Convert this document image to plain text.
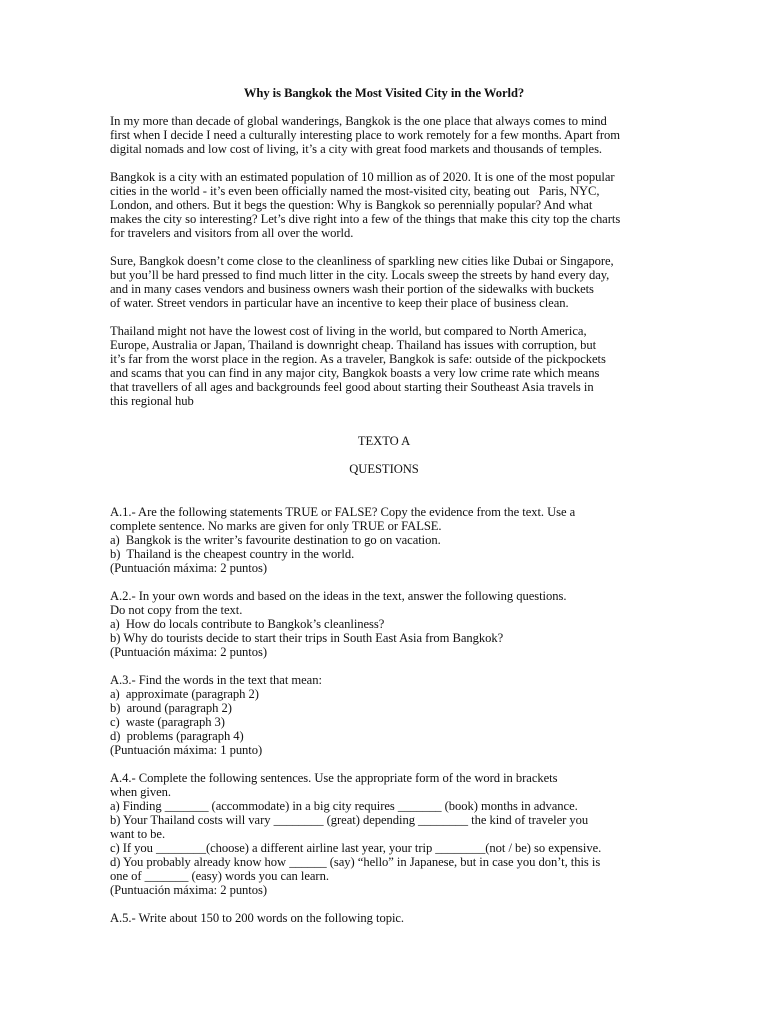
Why is Bangkok the Most Visited City in the World?
In my more than decade of global wanderings, Bangkok is the one place that always comes to mind
first when I decide I need a culturally interesting place to work remotely for a few months. Apart from
digital nomads and low cost of living, it’s a city with great food markets and thousands of temples.
Bangkok is a city with an estimated population of 10 million as of 2020. It is one of the most popular
cities in the world - it’s even been officially named the most-visited city, beating out   Paris, NYC,
London, and others. But it begs the question: Why is Bangkok so perennially popular? And what
makes the city so interesting? Let’s dive right into a few of the things that make this city top the charts
for travelers and visitors from all over the world.
Sure, Bangkok doesn’t come close to the cleanliness of sparkling new cities like Dubai or Singapore,
but you’ll be hard pressed to find much litter in the city. Locals sweep the streets by hand every day,
and in many cases vendors and business owners wash their portion of the sidewalks with buckets
of water. Street vendors in particular have an incentive to keep their place of business clean.
Thailand might not have the lowest cost of living in the world, but compared to North America,
Europe, Australia or Japan, Thailand is downright cheap. Thailand has issues with corruption, but
it’s far from the worst place in the region. As a traveler, Bangkok is safe: outside of the pickpockets
and scams that you can find in any major city, Bangkok boasts a very low crime rate which means
that travellers of all ages and backgrounds feel good about starting their Southeast Asia travels in
this regional hub
TEXTO A
QUESTIONS
A.1.- Are the following statements TRUE or FALSE? Copy the evidence from the text. Use a
complete sentence. No marks are given for only TRUE or FALSE.
a)  Bangkok is the writer’s favourite destination to go on vacation.
b)  Thailand is the cheapest country in the world.
(Puntuación máxima: 2 puntos)
A.2.- In your own words and based on the ideas in the text, answer the following questions.
Do not copy from the text.
a)  How do locals contribute to Bangkok’s cleanliness?
b) Why do tourists decide to start their trips in South East Asia from Bangkok?
(Puntuación máxima: 2 puntos)
A.3.- Find the words in the text that mean:
a)  approximate (paragraph 2)
b)  around (paragraph 2)
c)  waste (paragraph 3)
d)  problems (paragraph 4)
(Puntuación máxima: 1 punto)
A.4.- Complete the following sentences. Use the appropriate form of the word in brackets
when given.
a) Finding _______ (accommodate) in a big city requires _______ (book) months in advance.
b) Your Thailand costs will vary ________ (great) depending ________ the kind of traveler you
want to be.
c) If you ________(choose) a different airline last year, your trip ________(not / be) so expensive.
d) You probably already know how ______ (say) “hello” in Japanese, but in case you don’t, this is
one of _______ (easy) words you can learn.
(Puntuación máxima: 2 puntos)
A.5.- Write about 150 to 200 words on the following topic.
